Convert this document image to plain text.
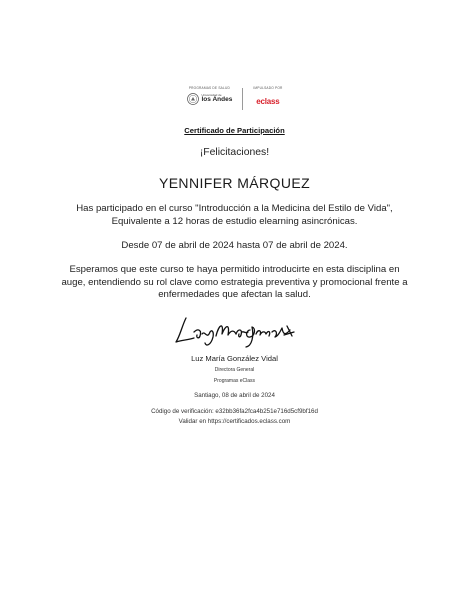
PROGRAMAS DE SALUD
Universidad de
los Andes
IMPULSADO POR
eclass
Certificado de Participación
¡Felicitaciones!
YENNIFER MÁRQUEZ
Has participado en el curso "Introducción a la Medicina del Estilo de Vida", Equivalente a 12 horas de estudio elearning asincrónicas.
Desde 07 de abril de 2024 hasta 07 de abril de 2024.
Esperamos que este curso te haya permitido introducirte en esta disciplina en auge, entendiendo su rol clave como estrategia preventiva y promocional frente a enfermedades que afectan la salud.
Luz María González
Luz María González Vidal
Directora General
Programas eClass
Santiago, 08 de abril de 2024
Código de verificación: e32bb36fa2fca4b251e716d5cf9bf16d
Validar en https://certificados.eclass.com
